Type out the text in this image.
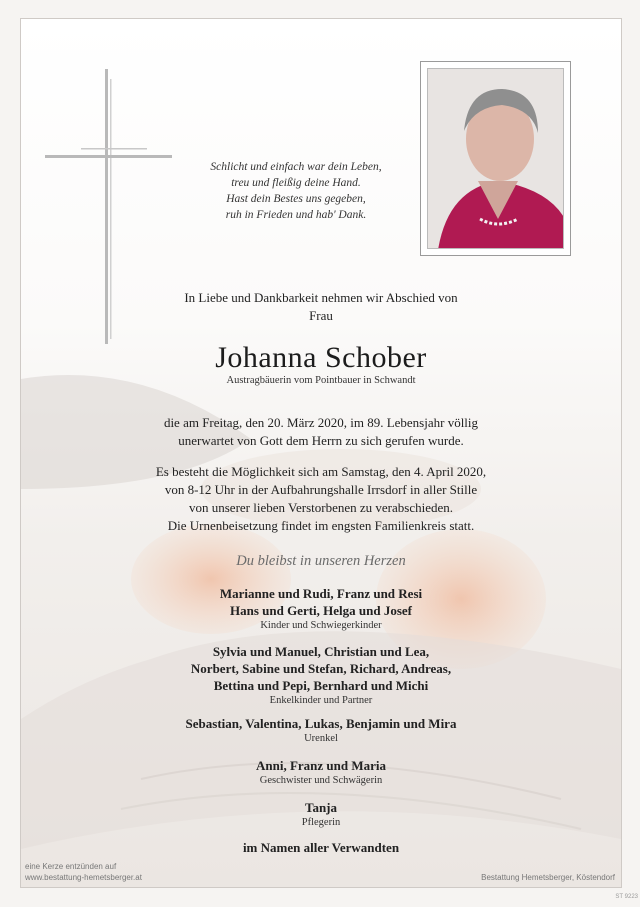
Schlicht und einfach war dein Leben,
treu und fleißig deine Hand.
Hast dein Bestes uns gegeben,
ruh in Frieden und hab' Dank.
In Liebe und Dankbarkeit nehmen wir Abschied von
Frau
Johanna Schober
Austragbäuerin vom Pointbauer in Schwandt
die am Freitag, den 20. März 2020, im 89. Lebensjahr völlig
unerwartet von Gott dem Herrn zu sich gerufen wurde.
Es besteht die Möglichkeit sich am Samstag, den 4. April 2020,
von 8-12 Uhr in der Aufbahrungshalle Irrsdorf in aller Stille
von unserer lieben Verstorbenen zu verabschieden.
Die Urnenbeisetzung findet im engsten Familienkreis statt.
Du bleibst in unseren Herzen
Marianne und Rudi, Franz und Resi
Hans und Gerti, Helga und Josef
Kinder und Schwiegerkinder
Sylvia und Manuel, Christian und Lea,
Norbert, Sabine und Stefan, Richard, Andreas,
Bettina und Pepi, Bernhard und Michi
Enkelkinder und Partner
Sebastian, Valentina, Lukas, Benjamin und Mira
Urenkel
Anni, Franz und Maria
Geschwister und Schwägerin
Tanja
Pflegerin
im Namen aller Verwandten
eine Kerze entzünden auf
www.bestattung-hemetsberger.at	Bestattung Hemetsberger, Köstendorf
ST 9223
